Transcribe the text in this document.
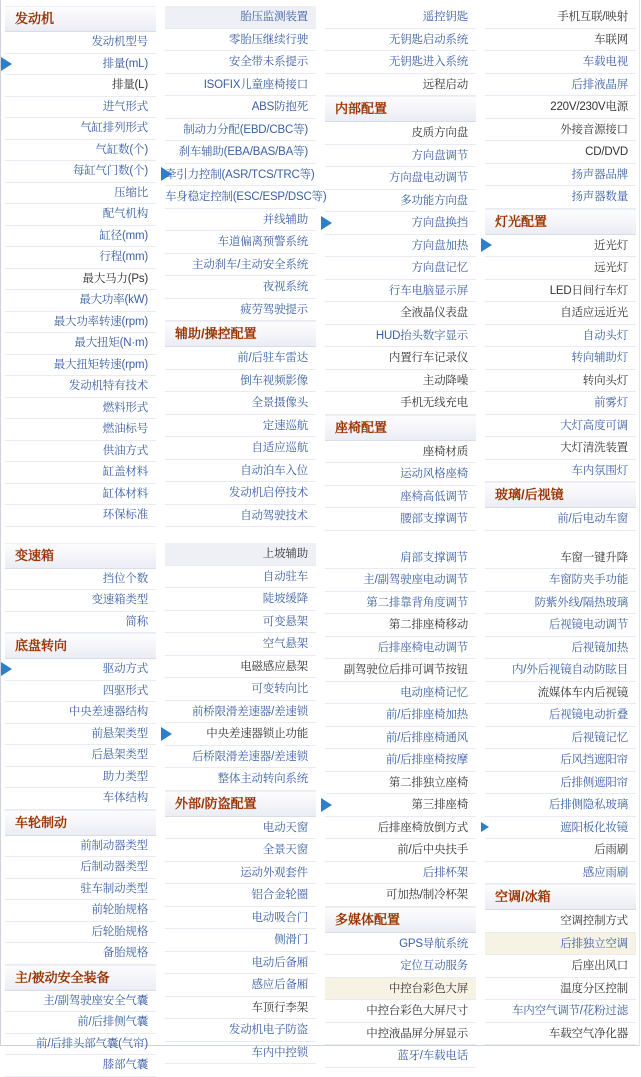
发动机
发动机型号
排量(mL)
排量(L)
进气形式
气缸排列形式
气缸数(个)
每缸气门数(个)
压缩比
配气机构
缸径(mm)
行程(mm)
最大马力(Ps)
最大功率(kW)
最大功率转速(rpm)
最大扭矩(N·m)
最大扭矩转速(rpm)
发动机特有技术
燃料形式
燃油标号
供油方式
缸盖材料
缸体材料
环保标准
变速箱
挡位个数
变速箱类型
简称
底盘转向
驱动方式
四驱形式
中央差速器结构
前悬架类型
后悬架类型
助力类型
车体结构
车轮制动
前制动器类型
后制动器类型
驻车制动类型
前轮胎规格
后轮胎规格
备胎规格
主/被动安全装备
主/副驾驶座安全气囊
前/后排侧气囊
前/后排头部气囊(气帘)
膝部气囊
胎压监测装置
零胎压继续行驶
安全带未系提示
ISOFIX儿童座椅接口
ABS防抱死
制动力分配(EBD/CBC等)
刹车辅助(EBA/BAS/BA等)
牵引力控制(ASR/TCS/TRC等)
车身稳定控制(ESC/ESP/DSC等)
并线辅助
车道偏离预警系统
主动刹车/主动安全系统
夜视系统
疲劳驾驶提示
辅助/操控配置
前/后驻车雷达
倒车视频影像
全景摄像头
定速巡航
自适应巡航
自动泊车入位
发动机启停技术
自动驾驶技术
上坡辅助
自动驻车
陡坡缓降
可变悬架
空气悬架
电磁感应悬架
可变转向比
前桥限滑差速器/差速锁
中央差速器锁止功能
后桥限滑差速器/差速锁
整体主动转向系统
外部/防盗配置
电动天窗
全景天窗
运动外观套件
铝合金轮圈
电动吸合门
侧滑门
电动后备厢
感应后备厢
车顶行李架
发动机电子防盗
车内中控锁
遥控钥匙
无钥匙启动系统
无钥匙进入系统
远程启动
内部配置
皮质方向盘
方向盘调节
方向盘电动调节
多功能方向盘
方向盘换挡
方向盘加热
方向盘记忆
行车电脑显示屏
全液晶仪表盘
HUD抬头数字显示
内置行车记录仪
主动降噪
手机无线充电
座椅配置
座椅材质
运动风格座椅
座椅高低调节
腰部支撑调节
肩部支撑调节
主/副驾驶座电动调节
第二排靠背角度调节
第二排座椅移动
后排座椅电动调节
副驾驶位后排可调节按钮
电动座椅记忆
前/后排座椅加热
前/后排座椅通风
前/后排座椅按摩
第二排独立座椅
第三排座椅
后排座椅放倒方式
前/后中央扶手
后排杯架
可加热/制冷杯架
多媒体配置
GPS导航系统
定位互动服务
中控台彩色大屏
中控台彩色大屏尺寸
中控液晶屏分屏显示
蓝牙/车载电话
手机互联/映射
车联网
车载电视
后排液晶屏
220V/230V电源
外接音源接口
CD/DVD
扬声器品牌
扬声器数量
灯光配置
近光灯
远光灯
LED日间行车灯
自适应远近光
自动头灯
转向辅助灯
转向头灯
前雾灯
大灯高度可调
大灯清洗装置
车内氛围灯
玻璃/后视镜
前/后电动车窗
车窗一键升降
车窗防夹手功能
防紫外线/隔热玻璃
后视镜电动调节
后视镜加热
内/外后视镜自动防眩目
流媒体车内后视镜
后视镜电动折叠
后视镜记忆
后风挡遮阳帘
后排侧遮阳帘
后排侧隐私玻璃
遮阳板化妆镜
后雨刷
感应雨刷
空调/冰箱
空调控制方式
后排独立空调
后座出风口
温度分区控制
车内空气调节/花粉过滤
车载空气净化器
